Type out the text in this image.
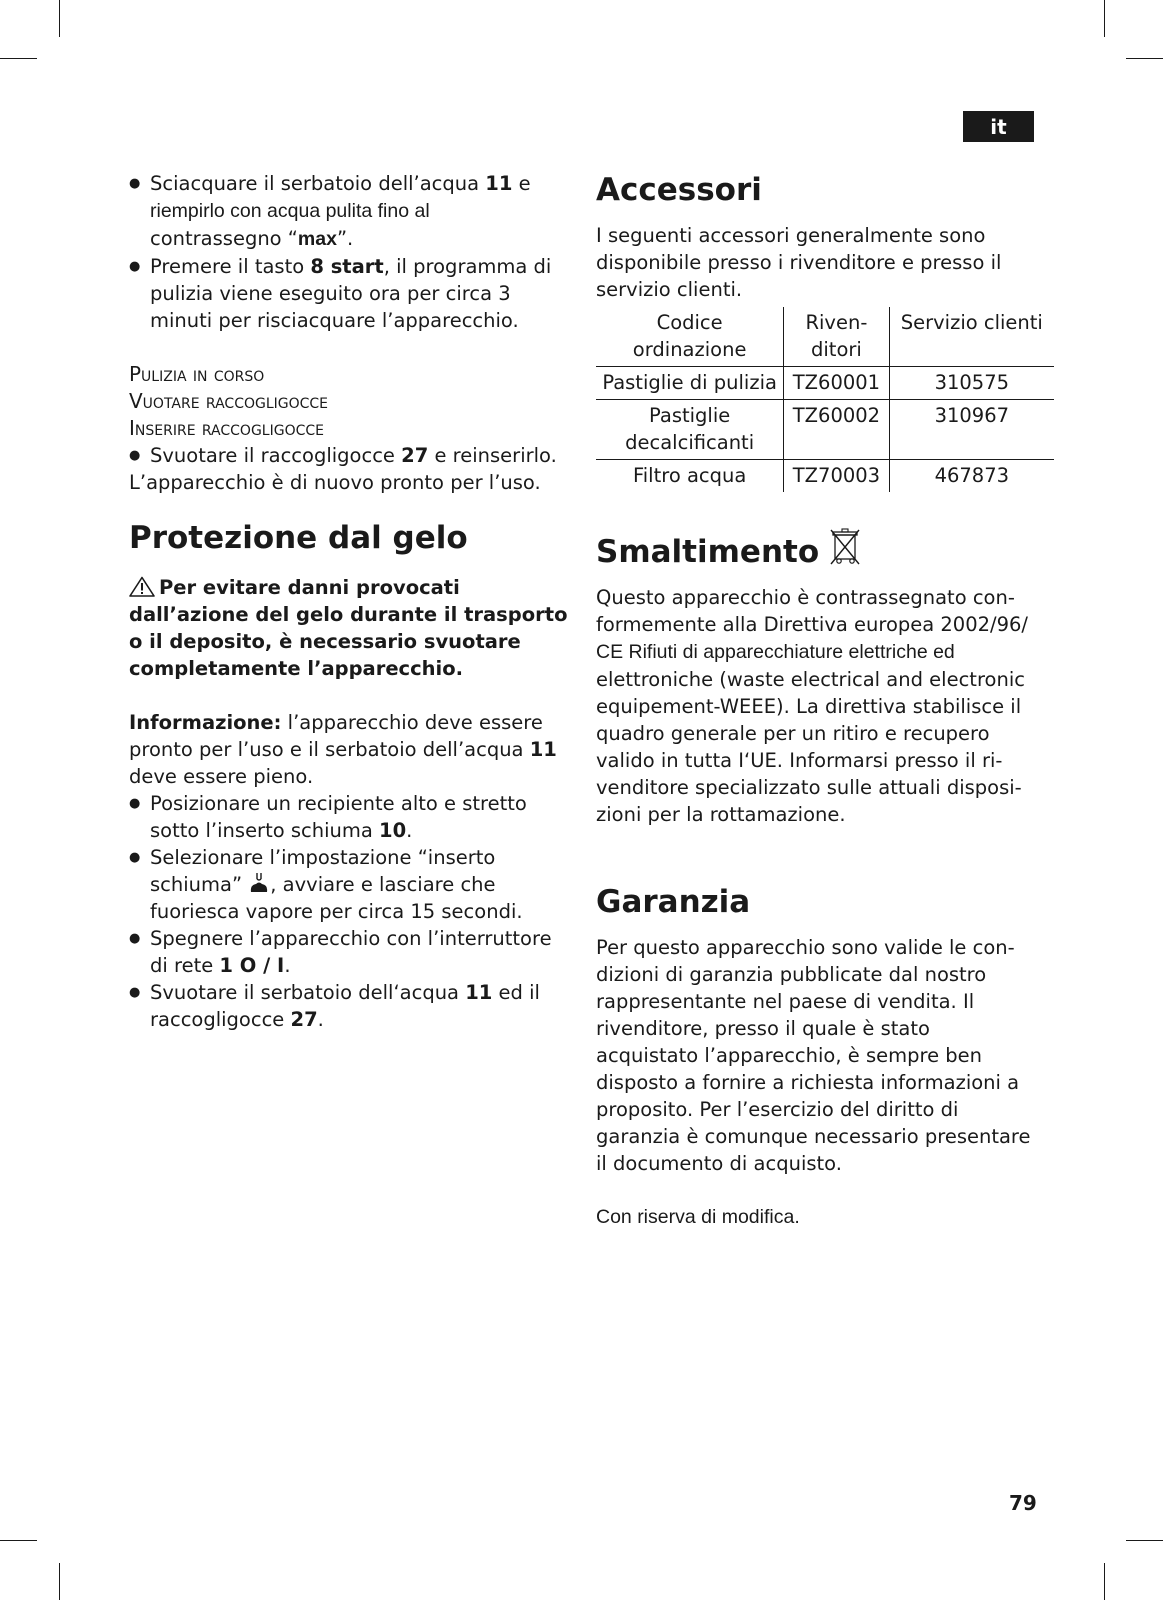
it
● Sciacquare il serbatoio dell’acqua 11 e
riempirlo con acqua pulita fino al
contrassegno “max”.
● Premere il tasto 8 start, il programma di pulizia viene eseguito ora per circa 3 minuti per risciacquare l’apparecchio.

Pulizia in corso

Vuotare raccogligocce

Inserire raccogligocce

● Svuotare il raccogligocce 27 e reinserirlo.

L’apparecchio è di nuovo pronto per l’uso.

Protezione dal gelo

Per evitare danni provocati dall’azione del gelo durante il trasporto o il deposito, è necessario svuotare completamente l’apparecchio.

Informazione: l’apparecchio deve essere pronto per l’uso e il serbatoio dell’acqua 11 deve essere pieno.

● Posizionare un recipiente alto e stretto sotto l’inserto schiuma 10.
● Selezionare l’impostazione “inserto schiuma” , avviare e lasciare che fuoriesca vapore per circa 15 secondi.
● Spegnere l’apparecchio con l’interruttore di rete 1 O / I.
● Svuotare il serbatoio dell‘acqua 11 ed il raccogligocce 27.
Accessori

I seguenti accessori generalmente sono disponibile presso i rivenditore e presso il servizio clienti.

Codice ordinazione	Riven-ditori	Servizio clienti
Pastiglie di pulizia	TZ60001	310575
Pastiglie decalcificanti	TZ60002	310967
Filtro acqua	TZ70003	467873
Smaltimento

Questo apparecchio è contrassegnato con-formemente alla Direttiva europea 2002/96/
CE Rifiuti di apparecchiature elettriche ed
elettroniche (waste electrical and electronic equipement-WEEE). La direttiva stabilisce il quadro generale per un ritiro e recupero valido in tutta I‘UE. Informarsi presso il ri-venditore specializzato sulle attuali disposi-zioni per la rottamazione.

Garanzia

Per questo apparecchio sono valide le con-dizioni di garanzia pubblicate dal nostro rappresentante nel paese di vendita. Il rivenditore, presso il quale è stato acquistato l’apparecchio, è sempre ben disposto a fornire a richiesta informazioni a proposito. Per l’esercizio del diritto di garanzia è comunque necessario presentare il documento di acquisto.

Con riserva di modifica.

79
